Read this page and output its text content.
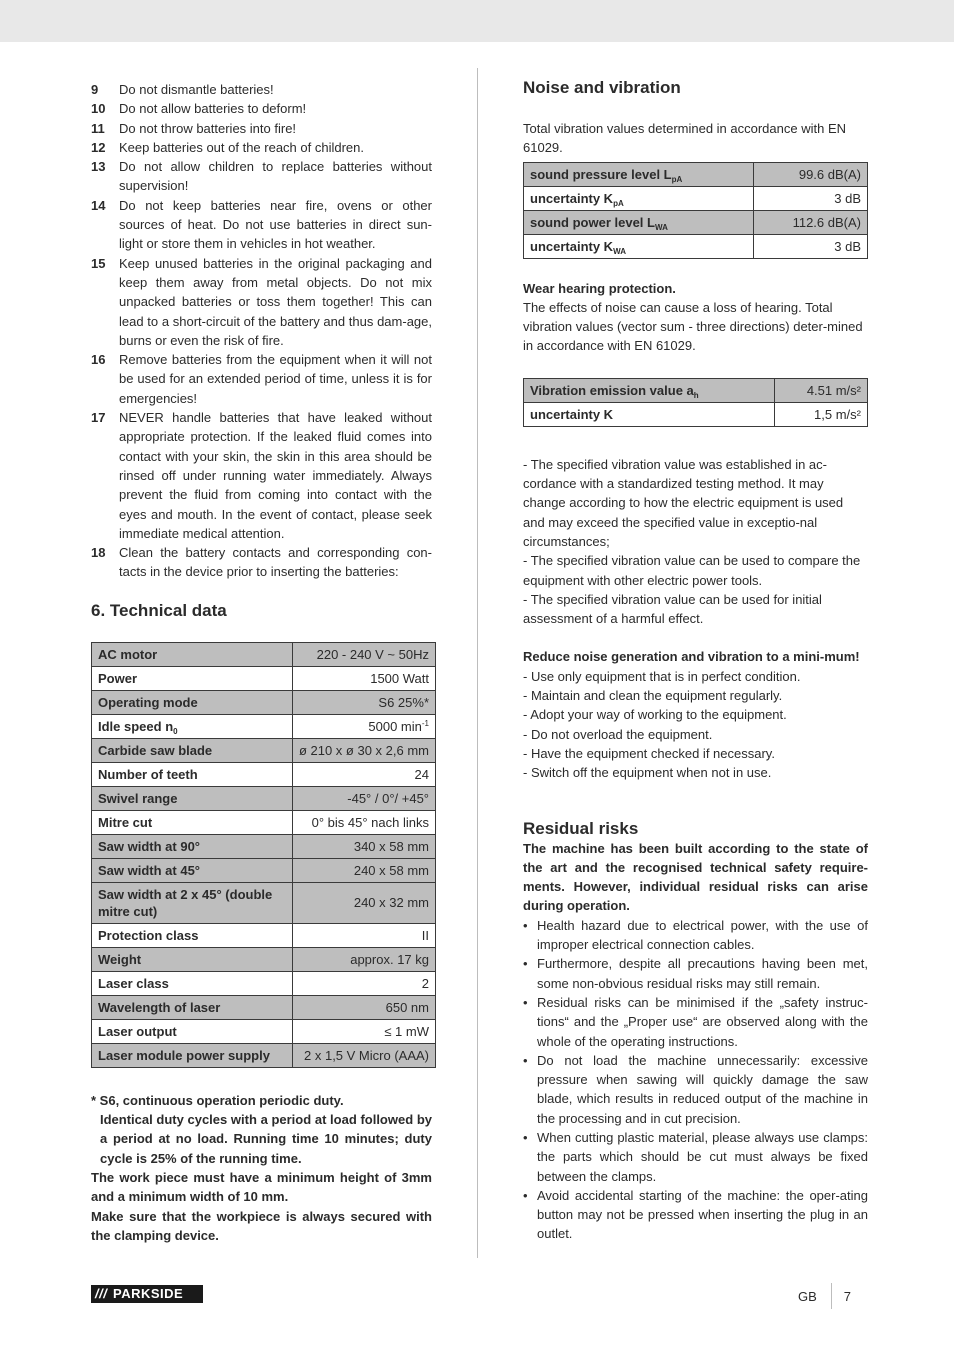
9 Do not dismantle batteries!
10 Do not allow batteries to deform!
11 Do not throw batteries into fire!
12 Keep batteries out of the reach of children.
13 Do not allow children to replace batteries without supervision!
14 Do not keep batteries near fire, ovens or other sources of heat. Do not use batteries in direct sun-light or store them in vehicles in hot weather.
15 Keep unused batteries in the original packaging and keep them away from metal objects. Do not mix unpacked batteries or toss them together! This can lead to a short-circuit of the battery and thus dam-age, burns or even the risk of fire.
16 Remove batteries from the equipment when it will not be used for an extended period of time, unless it is for emergencies!
17 NEVER handle batteries that have leaked without appropriate protection. If the leaked fluid comes into contact with your skin, the skin in this area should be rinsed off under running water immediately. Always prevent the fluid from coming into contact with the eyes and mouth. In the event of contact, please seek immediate medical attention.
18 Clean the battery contacts and corresponding con-tacts in the device prior to inserting the batteries:
6. Technical data
AC motor	220 - 240 V ~ 50Hz
Power	1500 Watt
Operating mode	S6 25%*
Idle speed $n_0$	5000 $\min^{-1}$
Carbide saw blade	ø 210 x ø 30 x 2,6 mm
Number of teeth	24
Swivel range	-45° / 0°/ +45°
Mitre cut	0° bis 45° nach links
Saw width at 90°	340 x 58 mm
Saw width at 45°	240 x 58 mm
Saw width at 2 x 45° (double mitre cut)	240 x 32 mm
Protection class	II
Weight	approx. 17 kg
Laser class	2
Wavelength of laser	650 nm
Laser output	≤ 1 mW
Laser module power supply	2 x 1,5 V Micro (AAA)
* S6, continuous operation periodic duty.
Identical duty cycles with a period at load followed by a period at no load. Running time 10 minutes; duty cycle is 25% of the running time.
The work piece must have a minimum height of 3mm and a minimum width of 10 mm.
Make sure that the workpiece is always secured with the clamping device.
Noise and vibration
Total vibration values determined in accordance with EN 61029.
sound pressure level $L_{pA}$	99.6 dB(A)
uncertainty $K_{pA}$	3 dB
sound power level $L_{WA}$	112.6 dB(A)
uncertainty $K_{WA}$	3 dB
Wear hearing protection.
The effects of noise can cause a loss of hearing. Total vibration values (vector sum - three directions) deter-mined in accordance with EN 61029.
Vibration emission value $a_h$	4.51 m/s²
uncertainty K	1,5 m/s²
- The specified vibration value was established in ac-cordance with a standardized testing method. It may change according to how the electric equipment is used and may exceed the specified value in exceptio-nal circumstances;
- The specified vibration value can be used to compare the equipment with other electric power tools.
- The specified vibration value can be used for initial assessment of a harmful effect.
Reduce noise generation and vibration to a mini-mum!
- Use only equipment that is in perfect condition.
- Maintain and clean the equipment regularly.
- Adopt your way of working to the equipment.
- Do not overload the equipment.
- Have the equipment checked if necessary.
- Switch off the equipment when not in use.
Residual risks
The machine has been built according to the state of the art and the recognised technical safety require-ments. However, individual residual risks can arise during operation.
• Health hazard due to electrical power, with the use of improper electrical connection cables.
• Furthermore, despite all precautions having been met, some non-obvious residual risks may still remain.
• Residual risks can be minimised if the „safety instruc-tions“ and the „Proper use“ are observed along with the whole of the operating instructions.
• Do not load the machine unnecessarily: excessive pressure when sawing will quickly damage the saw blade, which results in reduced output of the machine in the processing and in cut precision.
• When cutting plastic material, please always use clamps: the parts which should be cut must always be fixed between the clamps.
• Avoid accidental starting of the machine: the oper-ating button may not be pressed when inserting the plug in an outlet.
/// PARKSIDE	GB	7
